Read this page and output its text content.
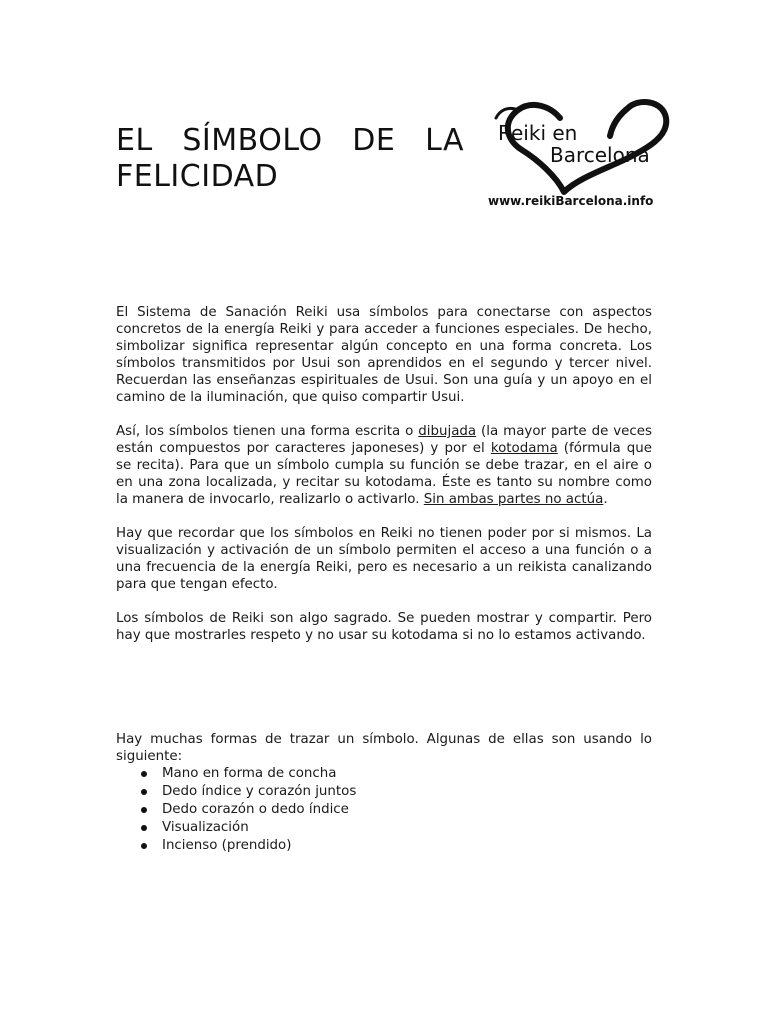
EL SÍMBOLO DE LA
FELICIDAD
Reiki en
Barcelona
www.reikiBarcelona.info

El Sistema de Sanación Reiki usa símbolos para conectarse con aspectos concretos de la energía Reiki y para acceder a funciones especiales. De hecho, simbolizar significa representar algún concepto en una forma concreta. Los símbolos transmitidos por Usui son aprendidos en el segundo y tercer nivel. Recuerdan las enseñanzas espirituales de Usui. Son una guía y un apoyo en el camino de la iluminación, que quiso compartir Usui.

Así, los símbolos tienen una forma escrita o dibujada (la mayor parte de veces están compuestos por caracteres japoneses) y por el kotodama (fórmula que se recita). Para que un símbolo cumpla su función se debe trazar, en el aire o en una zona localizada, y recitar su kotodama. Éste es tanto su nombre como la manera de invocarlo, realizarlo o activarlo. Sin ambas partes no actúa.

Hay que recordar que los símbolos en Reiki no tienen poder por si mismos. La visualización y activación de un símbolo permiten el acceso a una función o a una frecuencia de la energía Reiki, pero es necesario a un reikista canalizando para que tengan efecto.

Los símbolos de Reiki son algo sagrado. Se pueden mostrar y compartir. Pero hay que mostrarles respeto y no usar su kotodama si no lo estamos activando.

Hay muchas formas de trazar un símbolo. Algunas de ellas son usando lo siguiente:

Mano en forma de concha
Dedo índice y corazón juntos
Dedo corazón o dedo índice
Visualización
Incienso (prendido)
